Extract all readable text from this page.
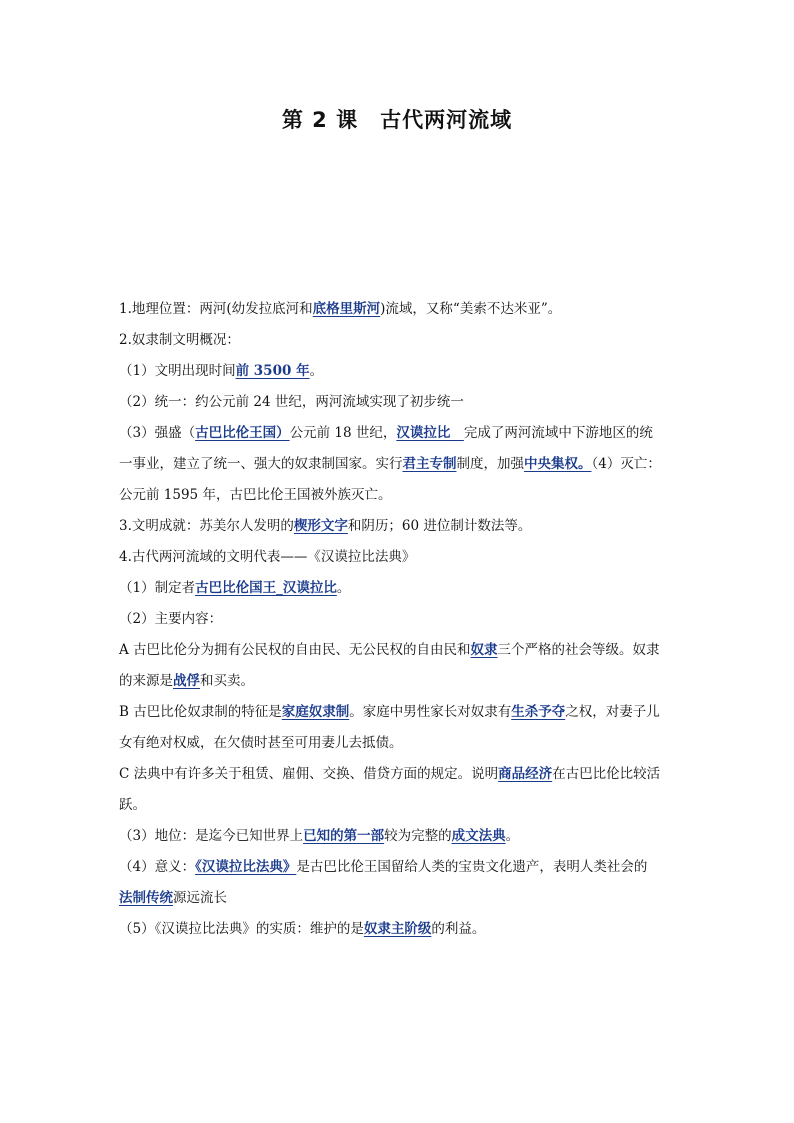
第 2 课　古代两河流域

1.地理位置：两河(幼发拉底河和底格里斯河)流域，又称“美索不达米亚”。

2.奴隶制文明概况：

（1）文明出现时间前 3500 年。

（2）统一：约公元前 24 世纪，两河流域实现了初步统一

（3）强盛（古巴比伦王国）公元前 18 世纪，汉谟拉比　完成了两河流域中下游地区的统

一事业，建立了统一、强大的奴隶制国家。实行君主专制制度，加强中央集权。（4）灭亡：

公元前 1595 年，古巴比伦王国被外族灭亡。

3.文明成就：苏美尔人发明的楔形文字和阴历；60 进位制计数法等。

4.古代两河流域的文明代表——《汉谟拉比法典》

（1）制定者古巴比伦国王_汉谟拉比。

（2）主要内容：

A 古巴比伦分为拥有公民权的自由民、无公民权的自由民和奴隶三个严格的社会等级。奴隶

的来源是战俘和买卖。

B 古巴比伦奴隶制的特征是家庭奴隶制。家庭中男性家长对奴隶有生杀予夺之权，对妻子儿

女有绝对权威，在欠债时甚至可用妻儿去抵债。

C 法典中有许多关于租赁、雇佣、交换、借贷方面的规定。说明商品经济在古巴比伦比较活

跃。

（3）地位：是迄今已知世界上已知的第一部较为完整的成文法典。

（4）意义：《汉谟拉比法典》是古巴比伦王国留给人类的宝贵文化遗产，表明人类社会的

法制传统源远流长

（5）《汉谟拉比法典》的实质：维护的是奴隶主阶级的利益。
